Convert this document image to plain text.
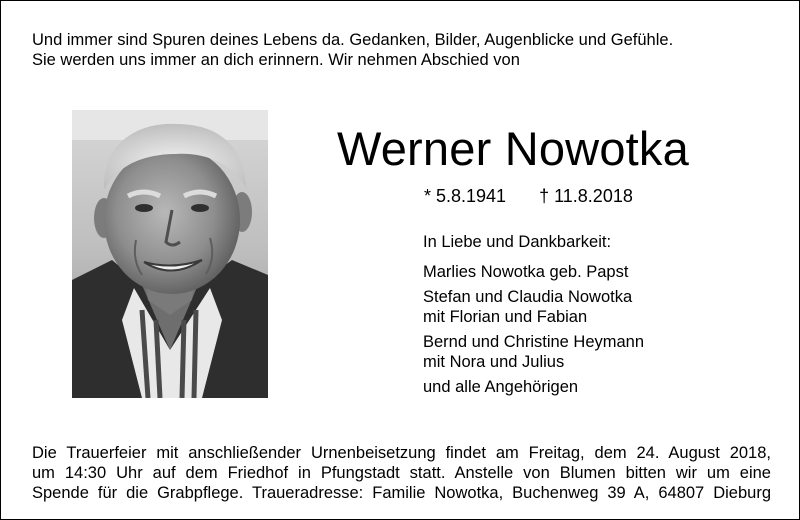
Und immer sind Spuren deines Lebens da. Gedanken, Bilder, Augenblicke und Gefühle.
Sie werden uns immer an dich erinnern. Wir nehmen Abschied von
Werner Nowotka
* 5.8.1941 † 11.8.2018
In Liebe und Dankbarkeit:
Marlies Nowotka geb. Papst
Stefan und Claudia Nowotka
mit Florian und Fabian
Bernd und Christine Heymann
mit Nora und Julius
und alle Angehörigen
Die Trauerfeier mit anschließender Urnenbeisetzung findet am Freitag, dem 24. August 2018,
um 14:30 Uhr auf dem Friedhof in Pfungstadt statt. Anstelle von Blumen bitten wir um eine
Spende für die Grabpflege. Traueradresse: Familie Nowotka, Buchenweg 39 A, 64807 Dieburg
